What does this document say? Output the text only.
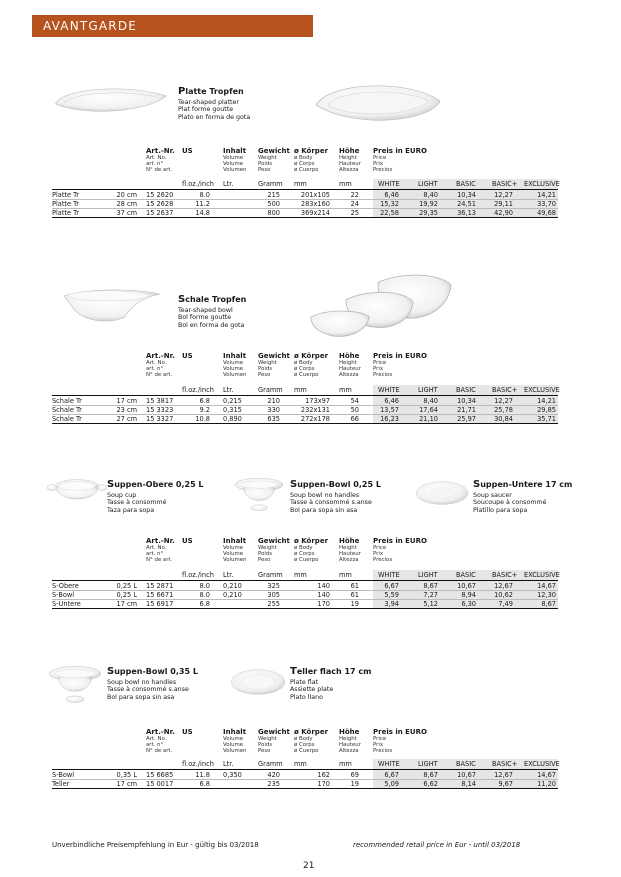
AVANTGARDE
Platte Tropfen
Tear-shaped platter
Plat forme goutte
Plato en forma de gota
Art.-Nr.
Art. No.
art. n°
N° de art.
US	Inhalt
Volume
Volume
Volumen
Gewicht
Weight
Poids
Peso
ø Körper
ø Body
ø Corps
ø Cuerpo
Höhe
Height
Hauteur
Altezza
Preis in EURO
Price
Prix
Precios
fl.oz./inch Ltr.	Gramm mm	mm	WHITE	LIGHT	BASIC BASIC+ EXCLUSIVE
Platte Tr	20 cm 15 2620	8.0	215	201x105	22	6,46	8,40	10,34	12,27	14,21
Platte Tr	28 cm 15 2628	11.2	500	283x160	24	15,32	19,92	24,51	29,11	33,70
Platte Tr	37 cm 15 2637	14.8	800	369x214	25	22,58	29,35	36,13	42,90	49,68
Schale Tropfen
Tear-shaped bowl
Bol forme goutte
Bol en forma de gota
Art.-Nr.
Art. No.
art. n°
N° de art.
US	Inhalt
Volume
Volume
Volumen
Gewicht
Weight
Poids
Peso
ø Körper
ø Body
ø Corps
ø Cuerpo
Höhe
Height
Hauteur
Altezza
Preis in EURO
Price
Prix
Precios
fl.oz./inch Ltr.	Gramm mm	mm	WHITE	LIGHT	BASIC BASIC+ EXCLUSIVE
Schale Tr	17 cm 15 3817	6.8 0,215	210	173x97	54	6,46	8,40	10,34	12,27	14,21
Schale Tr	23 cm 15 3323	9.2 0,315	330	232x131	50	13,57	17,64	21,71	25,78	29,85
Schale Tr	27 cm 15 3327	10.8 0,890	635	272x178	66	16,23	21,10	25,97	30,84	35,71
Suppen-Obere 0,25 L
Soup cup
Tasse à consommé
Taza para sopa
Suppen-Bowl 0,25 L
Soup bowl no handles
Tasse à consommé s.anse
Bol para sopa sin asa
Suppen-Untere 17 cm
Soup saucer
Soucoupe à consommé
Platillo para sopa
Art.-Nr.
Art. No.
art. n°
N° de art.
US	Inhalt
Volume
Volume
Volumen
Gewicht
Weight
Poids
Peso
ø Körper
ø Body
ø Corps
ø Cuerpo
Höhe
Height
Hauteur
Altezza
Preis in EURO
Price
Prix
Precios
fl.oz./inch Ltr.	Gramm mm	mm	WHITE	LIGHT	BASIC BASIC+ EXCLUSIVE
S-Obere	0,25 L 15 2871	8.0 0,210	325	140	61	6,67	8,67	10,67	12,67	14,67
S-Bowl	0,25 L 15 6671	8.0 0,210	305	140	61	5,59	7,27	8,94	10,62	12,30
S-Untere	17 cm 15 6917	6.8	255	170	19	3,94	5,12	6,30	7,49	8,67
Suppen-Bowl 0,35 L
Soup bowl no handles
Tasse à consommé s.anse
Bol para sopa sin asa
Teller flach 17 cm
Plate flat
Assiette plate
Plato llano
Art.-Nr.
Art. No.
art. n°
N° de art.
US	Inhalt
Volume
Volume
Volumen
Gewicht
Weight
Poids
Peso
ø Körper
ø Body
ø Corps
ø Cuerpo
Höhe
Height
Hauteur
Altezza
Preis in EURO
Price
Prix
Precios
fl.oz./inch Ltr.	Gramm mm	mm	WHITE	LIGHT	BASIC BASIC+ EXCLUSIVE
S-Bowl	0,35 L 15 6685	11.8 0,350	420	162	69	6,67	8,67	10,67	12,67	14,67
Teller	17 cm 15 0017	6.8	235	170	19	5,09	6,62	8,14	9,67	11,20
Unverbindliche Preisempfehlung in Eur - gültig bis 03/2018	recommended retail price in Eur - until 03/2018
21
